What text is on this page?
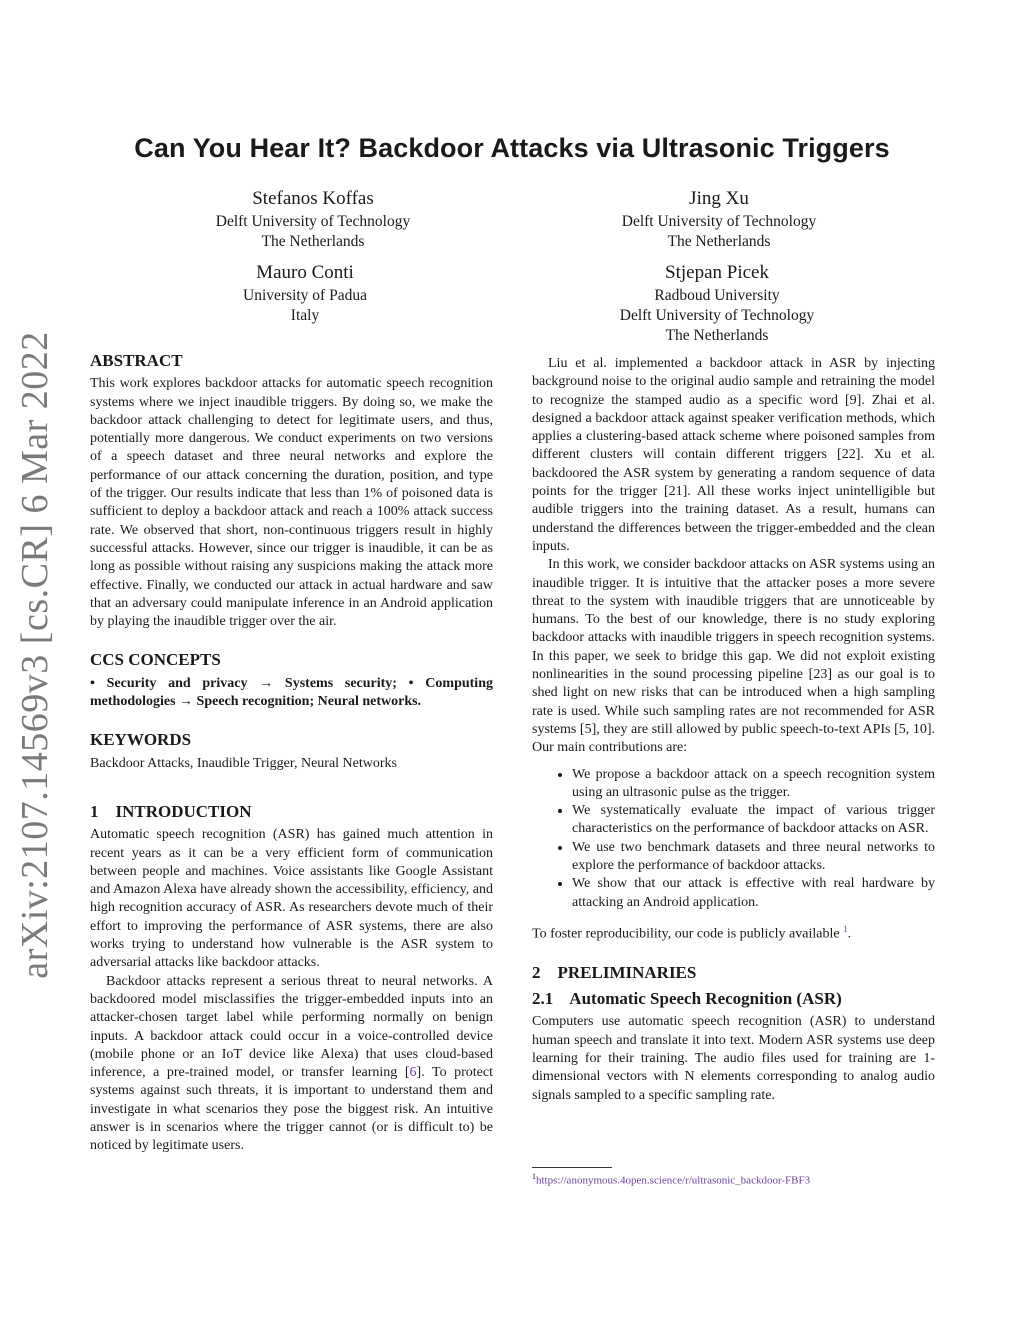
Can You Hear It? Backdoor Attacks via Ultrasonic Triggers
Stefanos Koffas
Delft University of Technology
The Netherlands
Jing Xu
Delft University of Technology
The Netherlands
Mauro Conti
University of Padua
Italy
Stjepan Picek
Radboud University
Delft University of Technology
The Netherlands
arXiv:2107.14569v3 [cs.CR] 6 Mar 2022 ABSTRACT

This work explores backdoor attacks for automatic speech recognition systems where we inject inaudible triggers. By doing so, we make the backdoor attack challenging to detect for legitimate users, and thus, potentially more dangerous. We conduct experiments on two versions of a speech dataset and three neural networks and explore the performance of our attack concerning the duration, position, and type of the trigger. Our results indicate that less than 1% of poisoned data is sufficient to deploy a backdoor attack and reach a 100% attack success rate. We observed that short, non-continuous triggers result in highly successful attacks. However, since our trigger is inaudible, it can be as long as possible without raising any suspicions making the attack more effective. Finally, we conducted our attack in actual hardware and saw that an adversary could manipulate inference in an Android application by playing the inaudible trigger over the air.

CCS CONCEPTS

• Security and privacy → Systems security; • Computing methodologies → Speech recognition; Neural networks.

KEYWORDS

Backdoor Attacks, Inaudible Trigger, Neural Networks

1    INTRODUCTION

Automatic speech recognition (ASR) has gained much attention in recent years as it can be a very efficient form of communication between people and machines. Voice assistants like Google Assistant and Amazon Alexa have already shown the accessibility, efficiency, and high recognition accuracy of ASR. As researchers devote much of their effort to improving the performance of ASR systems, there are also works trying to understand how vulnerable is the ASR system to adversarial attacks like backdoor attacks.

Backdoor attacks represent a serious threat to neural networks. A backdoored model misclassifies the trigger-embedded inputs into an attacker-chosen target label while performing normally on benign inputs. A backdoor attack could occur in a voice-controlled device (mobile phone or an IoT device like Alexa) that uses cloud-based inference, a pre-trained model, or transfer learning [6]. To protect systems against such threats, it is important to understand them and investigate in what scenarios they pose the biggest risk. An intuitive answer is in scenarios where the trigger cannot (or is difficult to) be noticed by legitimate users.

Liu et al. implemented a backdoor attack in ASR by injecting background noise to the original audio sample and retraining the model to recognize the stamped audio as a specific word [9]. Zhai et al. designed a backdoor attack against speaker verification methods, which applies a clustering-based attack scheme where poisoned samples from different clusters will contain different triggers [22]. Xu et al. backdoored the ASR system by generating a random sequence of data points for the trigger [21]. All these works inject unintelligible but audible triggers into the training dataset. As a result, humans can understand the differences between the trigger-embedded and the clean inputs.

In this work, we consider backdoor attacks on ASR systems using an inaudible trigger. It is intuitive that the attacker poses a more severe threat to the system with inaudible triggers that are unnoticeable by humans. To the best of our knowledge, there is no study exploring backdoor attacks with inaudible triggers in speech recognition systems. In this paper, we seek to bridge this gap. We did not exploit existing nonlinearities in the sound processing pipeline [23] as our goal is to shed light on new risks that can be introduced when a high sampling rate is used. While such sampling rates are not recommended for ASR systems [5], they are still allowed by public speech-to-text APIs [5, 10]. Our main contributions are:

• We propose a backdoor attack on a speech recognition system using an ultrasonic pulse as the trigger.
• We systematically evaluate the impact of various trigger characteristics on the performance of backdoor attacks on ASR.
• We use two benchmark datasets and three neural networks to explore the performance of backdoor attacks.
• We show that our attack is effective with real hardware by attacking an Android application.

To foster reproducibility, our code is publicly available $^1$.

2    PRELIMINARIES

2.1    Automatic Speech Recognition (ASR)

Computers use automatic speech recognition (ASR) to understand human speech and translate it into text. Modern ASR systems use deep learning for their training. The audio files used for training are 1-dimensional vectors with N elements corresponding to analog audio signals sampled to a specific sampling rate.

$^1$https://anonymous.4open.science/r/ultrasonic_backdoor-FBF3
